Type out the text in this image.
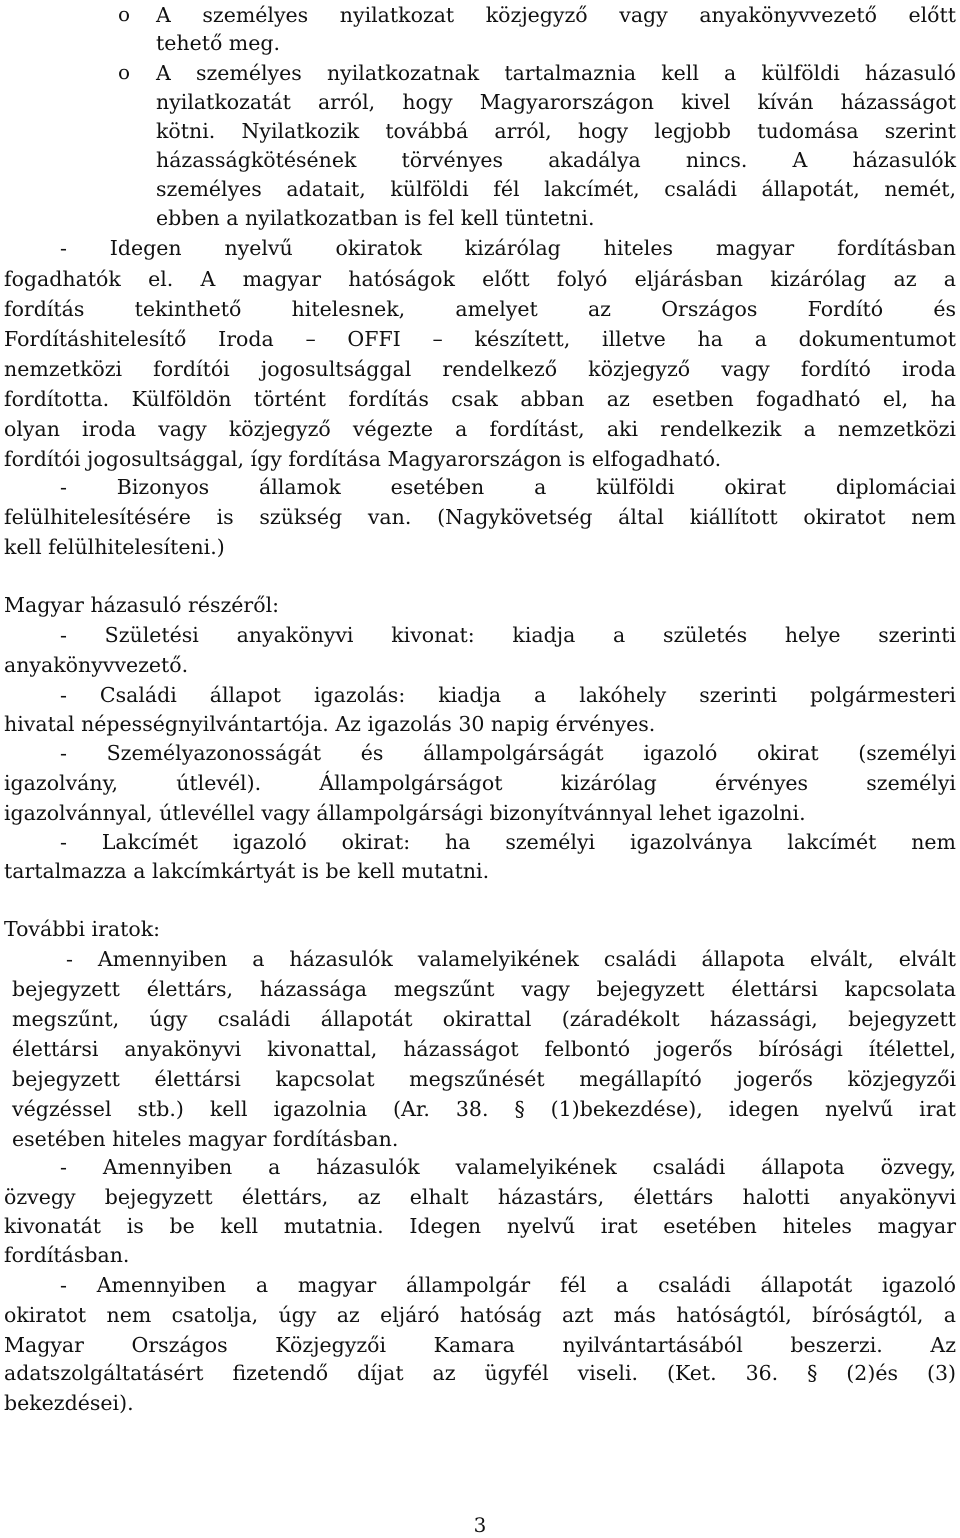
o	A személyes nyilatkozat közjegyző vagy anyakönyvvezető előtt
tehető meg.
o	A személyes nyilatkozatnak tartalmaznia kell a külföldi házasuló
nyilatkozatát arról, hogy Magyarországon kivel kíván házasságot
kötni. Nyilatkozik továbbá arról, hogy legjobb tudomása szerint
házasságkötésének törvényes akadálya nincs. A házasulók
személyes adatait, külföldi fél lakcímét, családi állapotát, nemét,
ebben a nyilatkozatban is fel kell tüntetni.
- Idegen nyelvű okiratok kizárólag hiteles magyar fordításban
fogadhatók el. A magyar hatóságok előtt folyó eljárásban kizárólag az a
fordítás tekinthető hitelesnek, amelyet az Országos Fordító és
Fordításhitelesítő Iroda – OFFI – készített, illetve ha a dokumentumot
nemzetközi fordítói jogosultsággal rendelkező közjegyző vagy fordító iroda
fordította. Külföldön történt fordítás csak abban az esetben fogadható el, ha
olyan iroda vagy közjegyző végezte a fordítást, aki rendelkezik a nemzetközi
fordítói jogosultsággal, így fordítása Magyarországon is elfogadható.
- Bizonyos államok esetében a külföldi okirat diplomáciai
felülhitelesítésére is szükség van. (Nagykövetség által kiállított okiratot nem
kell felülhitelesíteni.)
Magyar házasuló részéről:
- Születési anyakönyvi kivonat: kiadja a születés helye szerinti
anyakönyvvezető.
- Családi állapot igazolás: kiadja a lakóhely szerinti polgármesteri
hivatal népességnyilvántartója. Az igazolás 30 napig érvényes.
- Személyazonosságát és állampolgárságát igazoló okirat (személyi
igazolvány, útlevél). Állampolgárságot kizárólag érvényes személyi
igazolvánnyal, útlevéllel vagy állampolgársági bizonyítvánnyal lehet igazolni.
- Lakcímét igazoló okirat: ha személyi igazolványa lakcímét nem
tartalmazza a lakcímkártyát is be kell mutatni.
További iratok:
- Amennyiben a házasulók valamelyikének családi állapota elvált, elvált
bejegyzett élettárs, házassága megszűnt vagy bejegyzett élettársi kapcsolata
megszűnt, úgy családi állapotát okirattal (záradékolt házassági, bejegyzett
élettársi anyakönyvi kivonattal, házasságot felbontó jogerős bírósági ítélettel,
bejegyzett élettársi kapcsolat megszűnését megállapító jogerős közjegyzői
végzéssel stb.) kell igazolnia (Ar. 38. § (1)bekezdése), idegen nyelvű irat
esetében hiteles magyar fordításban.
- Amennyiben a házasulók valamelyikének családi állapota özvegy,
özvegy bejegyzett élettárs, az elhalt házastárs, élettárs halotti anyakönyvi
kivonatát is be kell mutatnia. Idegen nyelvű irat esetében hiteles magyar
fordításban.
- Amennyiben a magyar állampolgár fél a családi állapotát igazoló
okiratot nem csatolja, úgy az eljáró hatóság azt más hatóságtól, bíróságtól, a
Magyar Országos Közjegyzői Kamara nyilvántartásából beszerzi. Az
adatszolgáltatásért fizetendő díjat az ügyfél viseli. (Ket. 36. § (2)és (3)
bekezdései).
3
